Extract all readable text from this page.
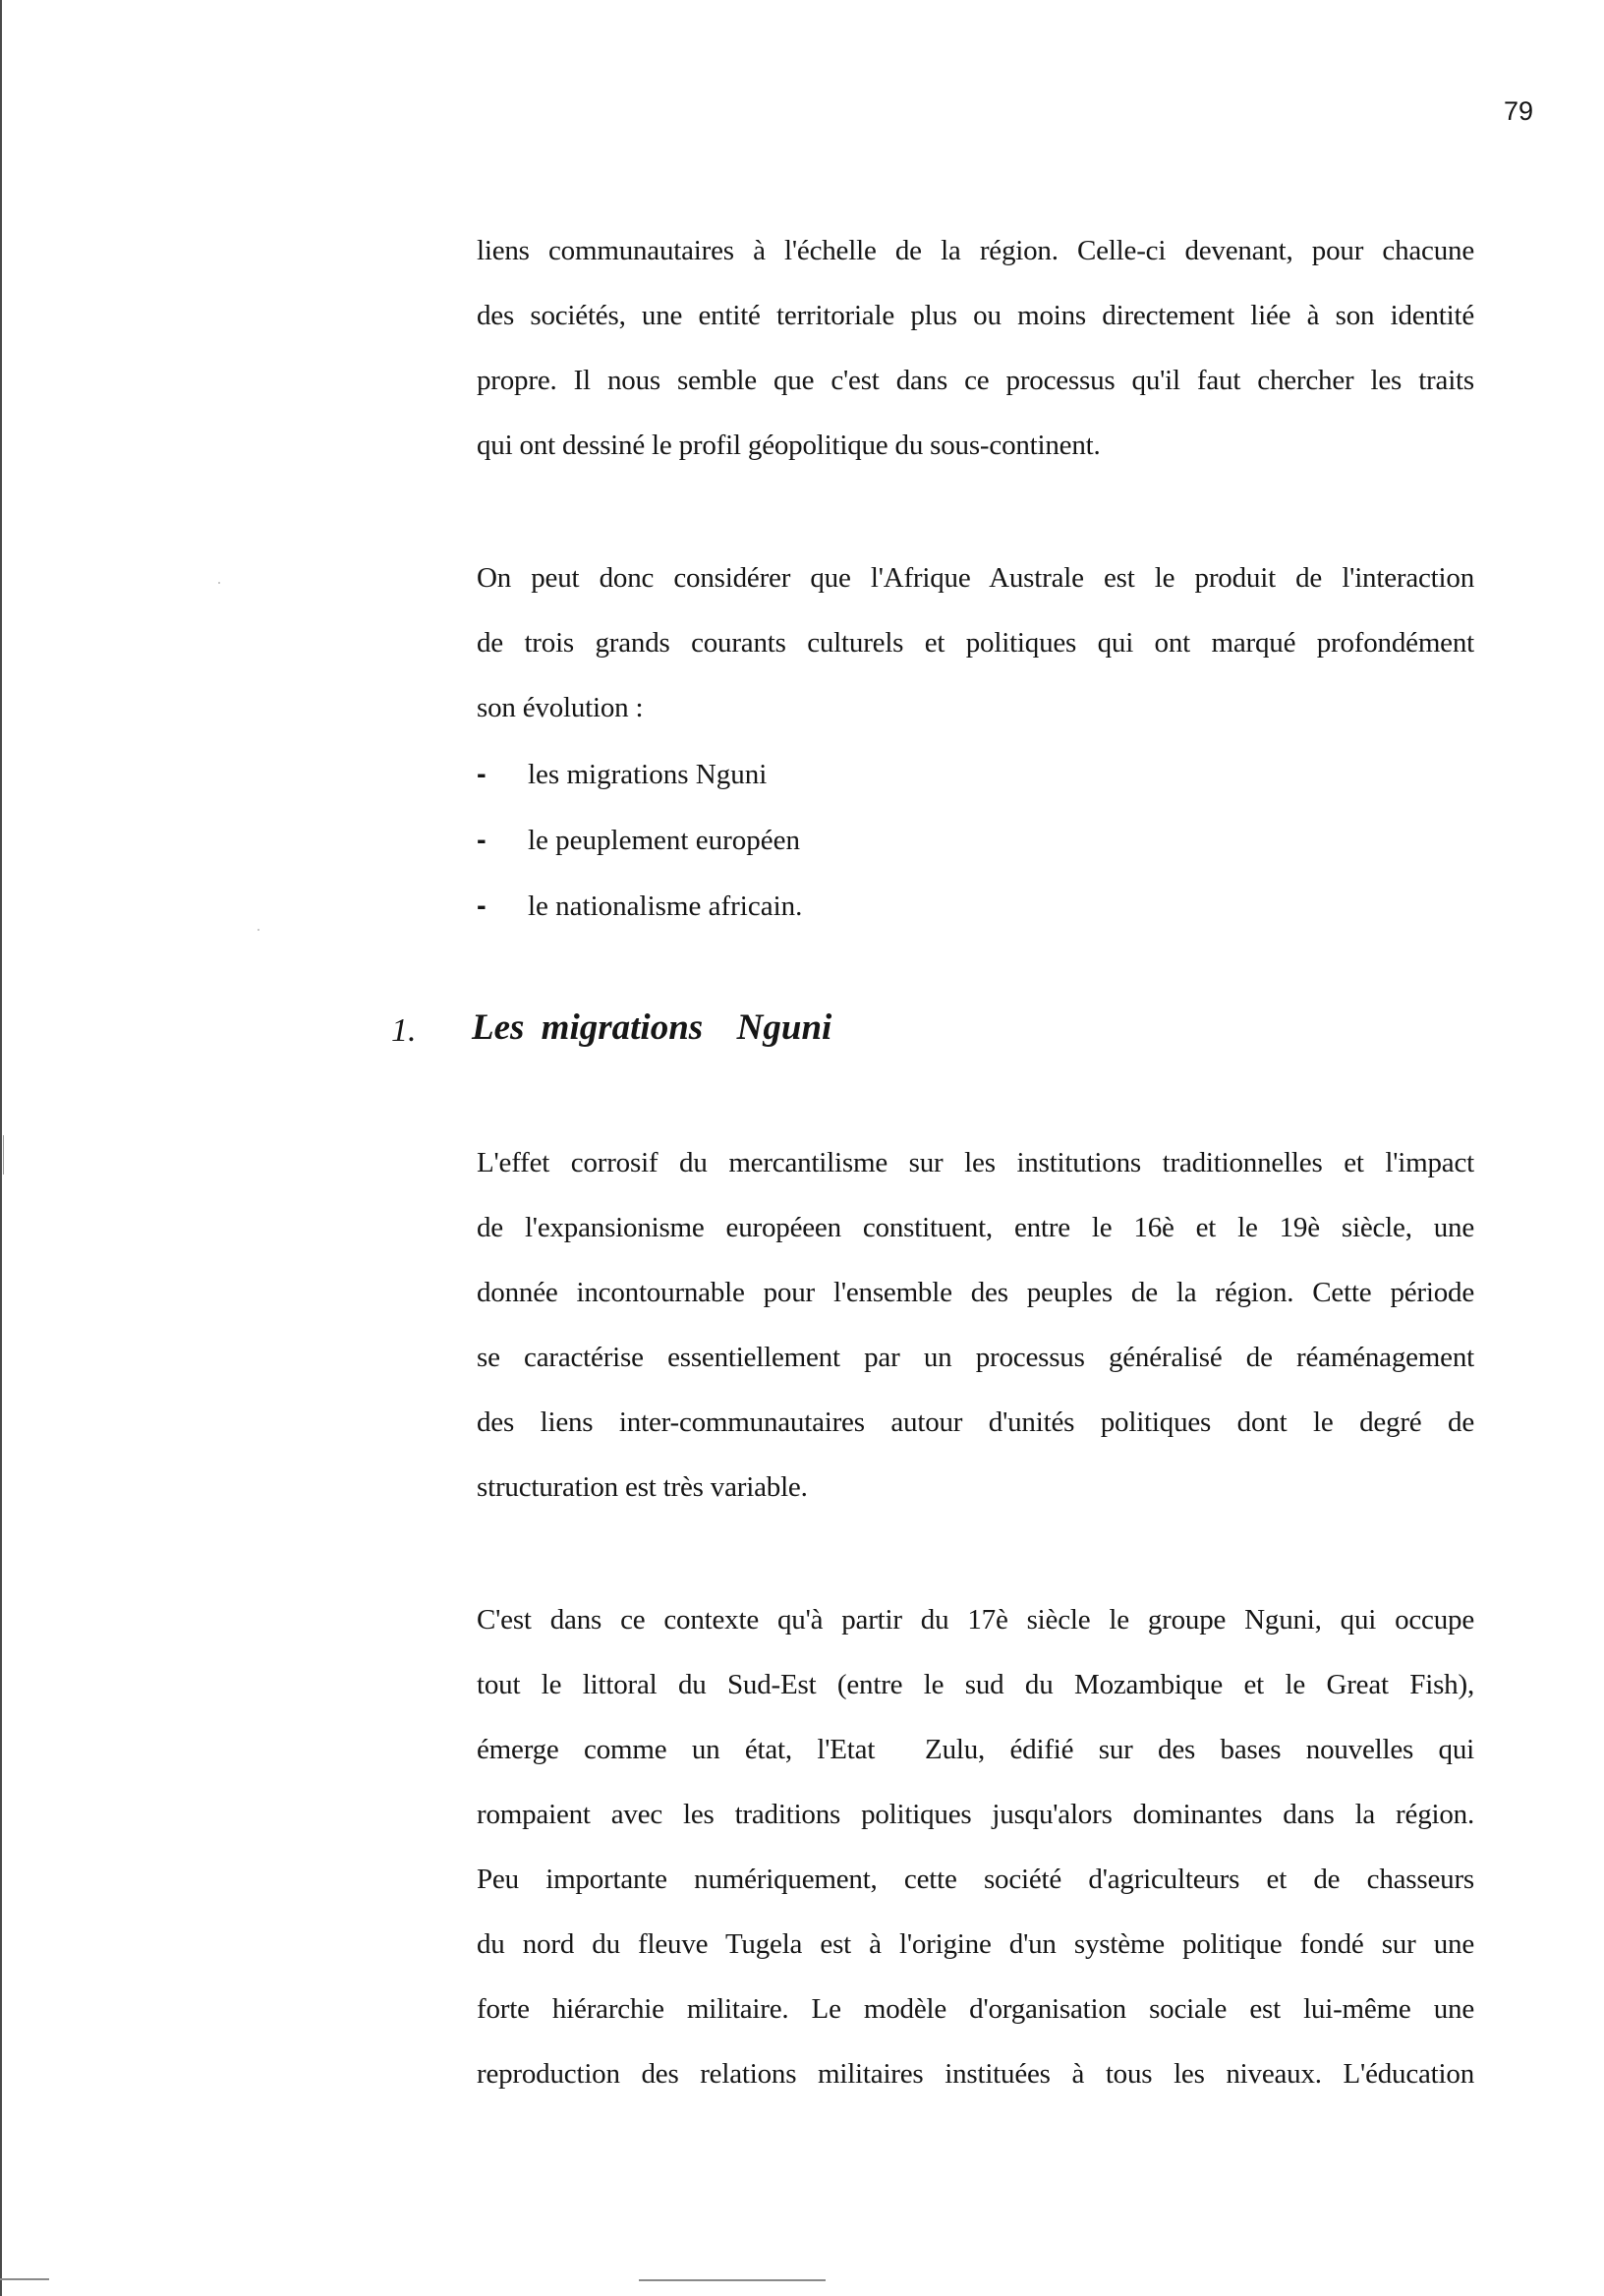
79
liens communautaires à l'échelle de la région. Celle-ci devenant, pour chacune
des sociétés, une entité territoriale plus ou moins directement liée à son identité
propre. Il nous semble que c'est dans ce processus qu'il faut chercher les traits
qui ont dessiné le profil géopolitique du sous-continent.
On peut donc considérer que l'Afrique Australe est le produit de l'interaction
de trois grands courants culturels et politiques qui ont marqué profondément
son évolution :
- les migrations Nguni
- le peuplement européen
- le nationalisme africain.
1. Les migrations  Nguni
L'effet corrosif du mercantilisme sur les institutions traditionnelles et l'impact
de l'expansionisme européeen constituent, entre le 16è et le 19è siècle, une
donnée incontournable pour l'ensemble des peuples de la région. Cette période
se caractérise essentiellement par un processus généralisé de réaménagement
des liens inter-communautaires autour d'unités politiques dont le degré de
structuration est très variable.
C'est dans ce contexte qu'à partir du 17è siècle le groupe Nguni, qui occupe
tout le littoral du Sud-Est (entre le sud du Mozambique et le Great Fish),
émerge comme un état, l'Etat  Zulu, édifié sur des bases nouvelles qui
rompaient avec les traditions politiques jusqu'alors dominantes dans la région.
Peu importante numériquement, cette société d'agriculteurs et de chasseurs
du nord du fleuve Tugela est à l'origine d'un système politique fondé sur une
forte hiérarchie militaire. Le modèle d'organisation sociale est lui-même une
reproduction des relations militaires instituées à tous les niveaux. L'éducation
